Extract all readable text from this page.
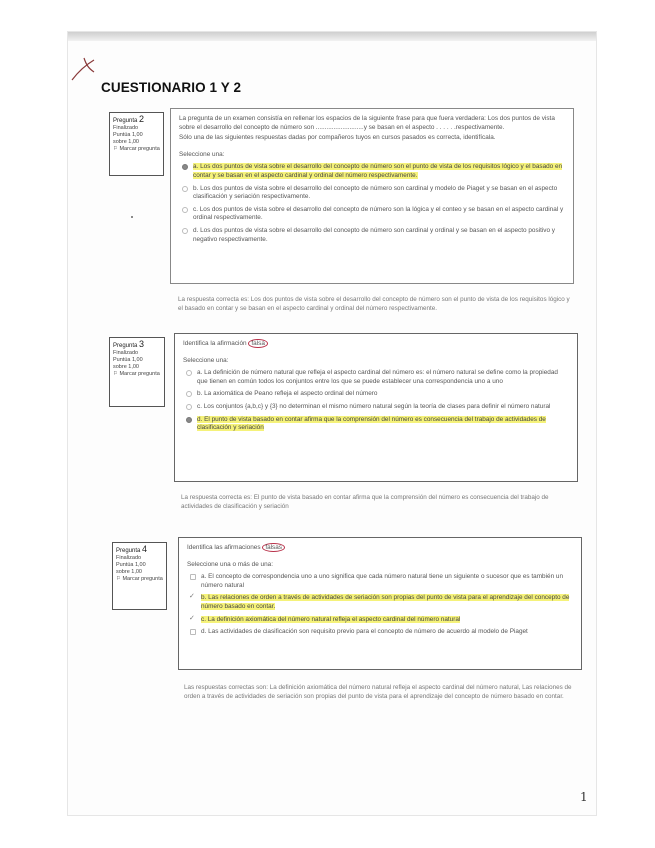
CUESTIONARIO 1 Y 2
Pregunta 2
Finalizado
Puntúa 1,00
sobre 1,00
⚐ Marcar pregunta

La pregunta de un examen consistía en rellenar los espacios de la siguiente frase para que fuera verdadera: Los dos puntos de vista sobre el desarrollo del concepto de número son ...........................y se basan en el aspecto . . . . . .respectivamente.

Sólo una de las siguientes respuestas dadas por compañeros tuyos en cursos pasados es correcta, identifícala.

Seleccione una:

a. Los dos puntos de vista sobre el desarrollo del concepto de número son el punto de vista de los requisitos lógico y el basado en contar y se basan en el aspecto cardinal y ordinal del número respectivamente.
b. Los dos puntos de vista sobre el desarrollo del concepto de número son cardinal y modelo de Piaget y se basan en el aspecto clasificación y seriación respectivamente.
c. Los dos puntos de vista sobre el desarrollo del concepto de número son la lógica y el conteo y se basan en el aspecto cardinal y ordinal respectivamente.
d. Los dos puntos de vista sobre el desarrollo del concepto de número son cardinal y ordinal y se basan en el aspecto positivo y negativo respectivamente.
La respuesta correcta es: Los dos puntos de vista sobre el desarrollo del concepto de número son el punto de vista de los requisitos lógico y el basado en contar y se basan en el aspecto cardinal y ordinal del número respectivamente.
Pregunta 3
Finalizado
Puntúa 1,00
sobre 1,00
⚐ Marcar pregunta

Identifica la afirmación falsa

Seleccione una:

a. La definición de número natural que refleja el aspecto cardinal del número es: el número natural se define como la propiedad que tienen en común todos los conjuntos entre los que se puede establecer una correspondencia uno a uno
b. La axiomática de Peano refleja el aspecto ordinal del número
c. Los conjuntos {a,b,c} y {3} no determinan el mismo número natural según la teoría de clases para definir el número natural
d. El punto de vista basado en contar afirma que la comprensión del número es consecuencia del trabajo de actividades de clasificación y seriación
La respuesta correcta es: El punto de vista basado en contar afirma que la comprensión del número es consecuencia del trabajo de actividades de clasificación y seriación
Pregunta 4
Finalizado
Puntúa 1,00
sobre 1,00
⚐ Marcar pregunta

Identifica las afirmaciones falsas

Seleccione una o más de una:

a. El concepto de correspondencia uno a uno significa que cada número natural tiene un siguiente o sucesor que es también un número natural
✓ b. Las relaciones de orden a través de actividades de seriación son propias del punto de vista para el aprendizaje del concepto de número basado en contar.
✓ c. La definición axiomática del número natural refleja el aspecto cardinal del número natural
d. Las actividades de clasificación son requisito previo para el concepto de número de acuerdo al modelo de Piaget
Las respuestas correctas son: La definición axiomática del número natural refleja el aspecto cardinal del número natural, Las relaciones de orden a través de actividades de seriación son propias del punto de vista para el aprendizaje del concepto de número basado en contar.
1
